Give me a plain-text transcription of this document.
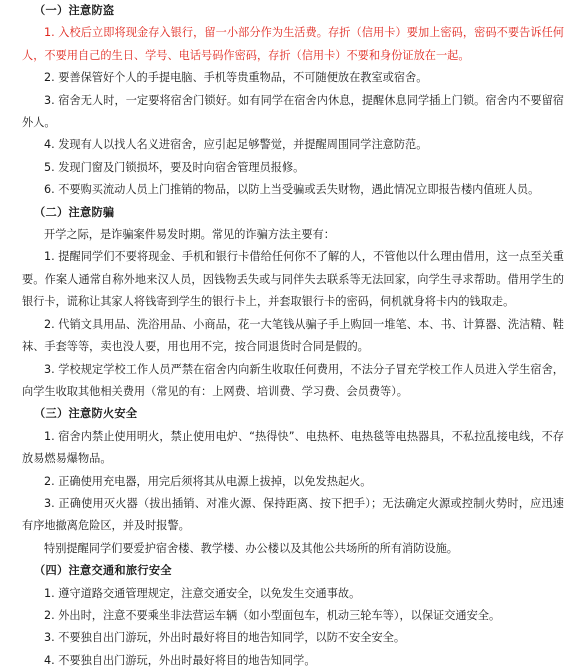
（一）注意防盗
1. 入校后立即将现金存入银行，留一小部分作为生活费。存折（信用卡）要加上密码，密码不要告诉任何人，不要用自己的生日、学号、电话号码作密码，存折（信用卡）不要和身份证放在一起。
2. 要善保管好个人的手提电脑、手机等贵重物品，不可随便放在教室或宿舍。
3. 宿舍无人时，一定要将宿舍门锁好。如有同学在宿舍内休息，提醒休息同学插上门锁。宿舍内不要留宿外人。
4. 发现有人以找人名义进宿舍，应引起足够警觉，并提醒周围同学注意防范。
5. 发现门窗及门锁损坏，要及时向宿舍管理员报修。
6. 不要购买流动人员上门推销的物品，以防上当受骗或丢失财物，遇此情况立即报告楼内值班人员。
（二）注意防骗
开学之际，是诈骗案件易发时期。常见的诈骗方法主要有：
1. 提醒同学们不要将现金、手机和银行卡借给任何你不了解的人，不管他以什么理由借用，这一点至关重要。作案人通常自称外地来汉人员，因钱物丢失或与同伴失去联系等无法回家，向学生寻求帮助。借用学生的银行卡，谎称让其家人将钱寄到学生的银行卡上，并套取银行卡的密码，伺机就身将卡内的钱取走。
2. 代销文具用品、洗浴用品、小商品，花一大笔钱从骗子手上购回一堆笔、本、书、计算器、洗洁精、鞋袜、手套等等，卖也没人要，用也用不完，按合同退货时合同是假的。
3. 学校规定学校工作人员严禁在宿舍内向新生收取任何费用，不法分子冒充学校工作人员进入学生宿舍，向学生收取其他相关费用（常见的有：上网费、培训费、学习费、会员费等）。
（三）注意防火安全
1. 宿舍内禁止使用明火，禁止使用电炉、“热得快”、电热杯、电热毯等电热器具，不私拉乱接电线，不存放易燃易爆物品。
2. 正确使用充电器，用完后须将其从电源上拔掉，以免发热起火。
3. 正确使用灭火器（拔出插销、对准火源、保持距离、按下把手）；无法确定火源或控制火势时，应迅速有序地撤离危险区，并及时报警。
特别提醒同学们要爱护宿舍楼、教学楼、办公楼以及其他公共场所的所有消防设施。
（四）注意交通和旅行安全
1. 遵守道路交通管理规定，注意交通安全，以免发生交通事故。
2. 外出时，注意不要乘坐非法营运车辆（如小型面包车，机动三轮车等），以保证交通安全。
3. 不要独自出门游玩，外出时最好将目的地告知同学，以防不安全安全。
4. 不要独自出门游玩，外出时最好将目的地告知同学。
